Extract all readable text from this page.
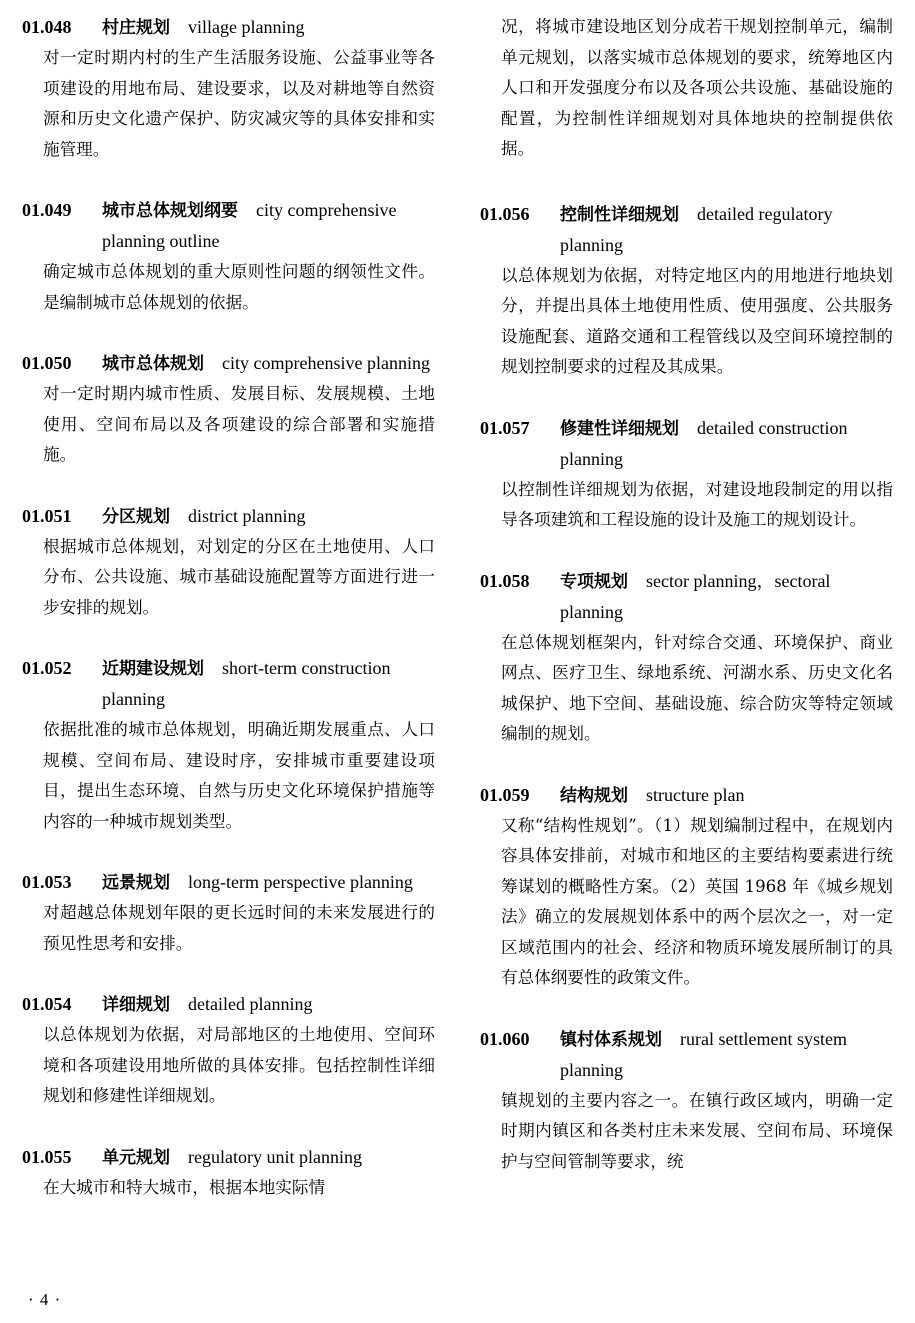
01.048	村庄规划 village planning

对一定时期内村的生产生活服务设施、公益事业等各项建设的用地布局、建设要求，以及对耕地等自然资源和历史文化遗产保护、防灾减灾等的具体安排和实施管理。

01.049	城市总体规划纲要 city comprehensive planning outline

确定城市总体规划的重大原则性问题的纲领性文件。是编制城市总体规划的依据。

01.050	城市总体规划 city comprehensive planning

对一定时期内城市性质、发展目标、发展规模、土地使用、空间布局以及各项建设的综合部署和实施措施。

01.051	分区规划 district planning

根据城市总体规划，对划定的分区在土地使用、人口分布、公共设施、城市基础设施配置等方面进行进一步安排的规划。

01.052	近期建设规划 short-term construction planning

依据批准的城市总体规划，明确近期发展重点、人口规模、空间布局、建设时序，安排城市重要建设项目，提出生态环境、自然与历史文化环境保护措施等内容的一种城市规划类型。

01.053	远景规划 long-term perspective planning

对超越总体规划年限的更长远时间的未来发展进行的预见性思考和安排。

01.054	详细规划 detailed planning

以总体规划为依据，对局部地区的土地使用、空间环境和各项建设用地所做的具体安排。包括控制性详细规划和修建性详细规划。

01.055	单元规划 regulatory unit planning

在大城市和特大城市，根据本地实际情

况，将城市建设地区划分成若干规划控制单元，编制单元规划，以落实城市总体规划的要求，统筹地区内人口和开发强度分布以及各项公共设施、基础设施的配置，为控制性详细规划对具体地块的控制提供依据。

01.056	控制性详细规划 detailed regulatory planning

以总体规划为依据，对特定地区内的用地进行地块划分，并提出具体土地使用性质、使用强度、公共服务设施配套、道路交通和工程管线以及空间环境控制的规划控制要求的过程及其成果。

01.057	修建性详细规划 detailed construction planning

以控制性详细规划为依据，对建设地段制定的用以指导各项建筑和工程设施的设计及施工的规划设计。

01.058	专项规划 sector planning，sectoral planning

在总体规划框架内，针对综合交通、环境保护、商业网点、医疗卫生、绿地系统、河湖水系、历史文化名城保护、地下空间、基础设施、综合防灾等特定领域编制的规划。

01.059	结构规划 structure plan

又称“结构性规划”。（1）规划编制过程中，在规划内容具体安排前，对城市和地区的主要结构要素进行统筹谋划的概略性方案。（2）英国 1968 年《城乡规划法》确立的发展规划体系中的两个层次之一，对一定区域范围内的社会、经济和物质环境发展所制订的具有总体纲要性的政策文件。

01.060	镇村体系规划 rural settlement system planning

镇规划的主要内容之一。在镇行政区域内，明确一定时期内镇区和各类村庄未来发展、空间布局、环境保护与空间管制等要求，统

· 4 ·
